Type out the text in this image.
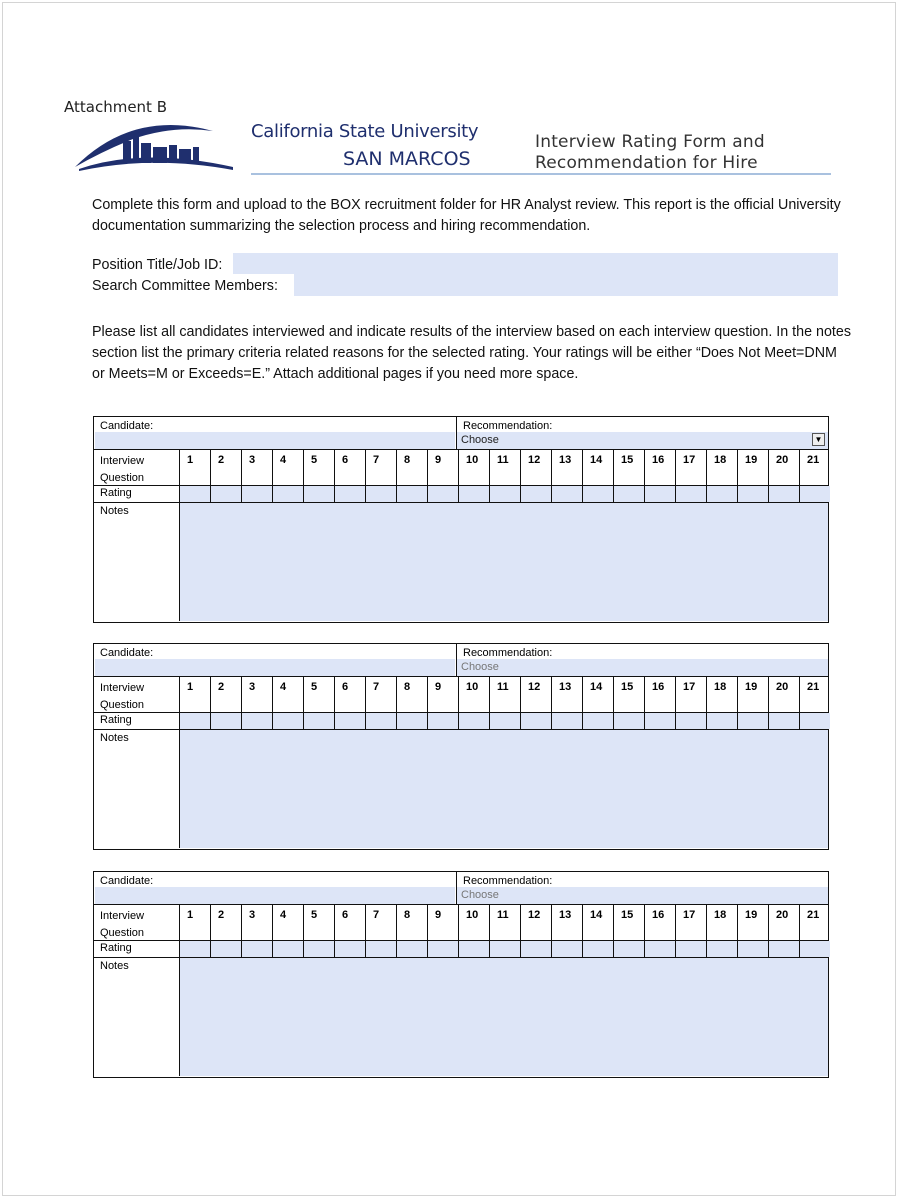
Attachment B
California State University
SAN MARCOS
Interview Rating Form and
Recommendation for Hire
Complete this form and upload to the BOX recruitment folder for HR Analyst review. This report is the official University documentation summarizing the selection process and hiring recommendation.
Position Title/Job ID:
Search Committee Members:
Please list all candidates interviewed and indicate results of the interview based on each interview question. In the notes section list the primary criteria related reasons for the selected rating. Your ratings will be either “Does Not Meet=DNM or Meets=M or Exceeds=E.” Attach additional pages if you need more space.
Candidate:	Recommendation:
Choose	▼
Interview
Question
1 2 3 4 5 6 7 8 9 10 11 12 13 14 15 16 17 18 19 20 21
Rating
Notes
Candidate:	Recommendation:
Choose
Interview
Question
1 2 3 4 5 6 7 8 9 10 11 12 13 14 15 16 17 18 19 20 21
Rating
Notes
Candidate:	Recommendation:
Choose
Interview
Question
1 2 3 4 5 6 7 8 9 10 11 12 13 14 15 16 17 18 19 20 21
Rating
Notes
